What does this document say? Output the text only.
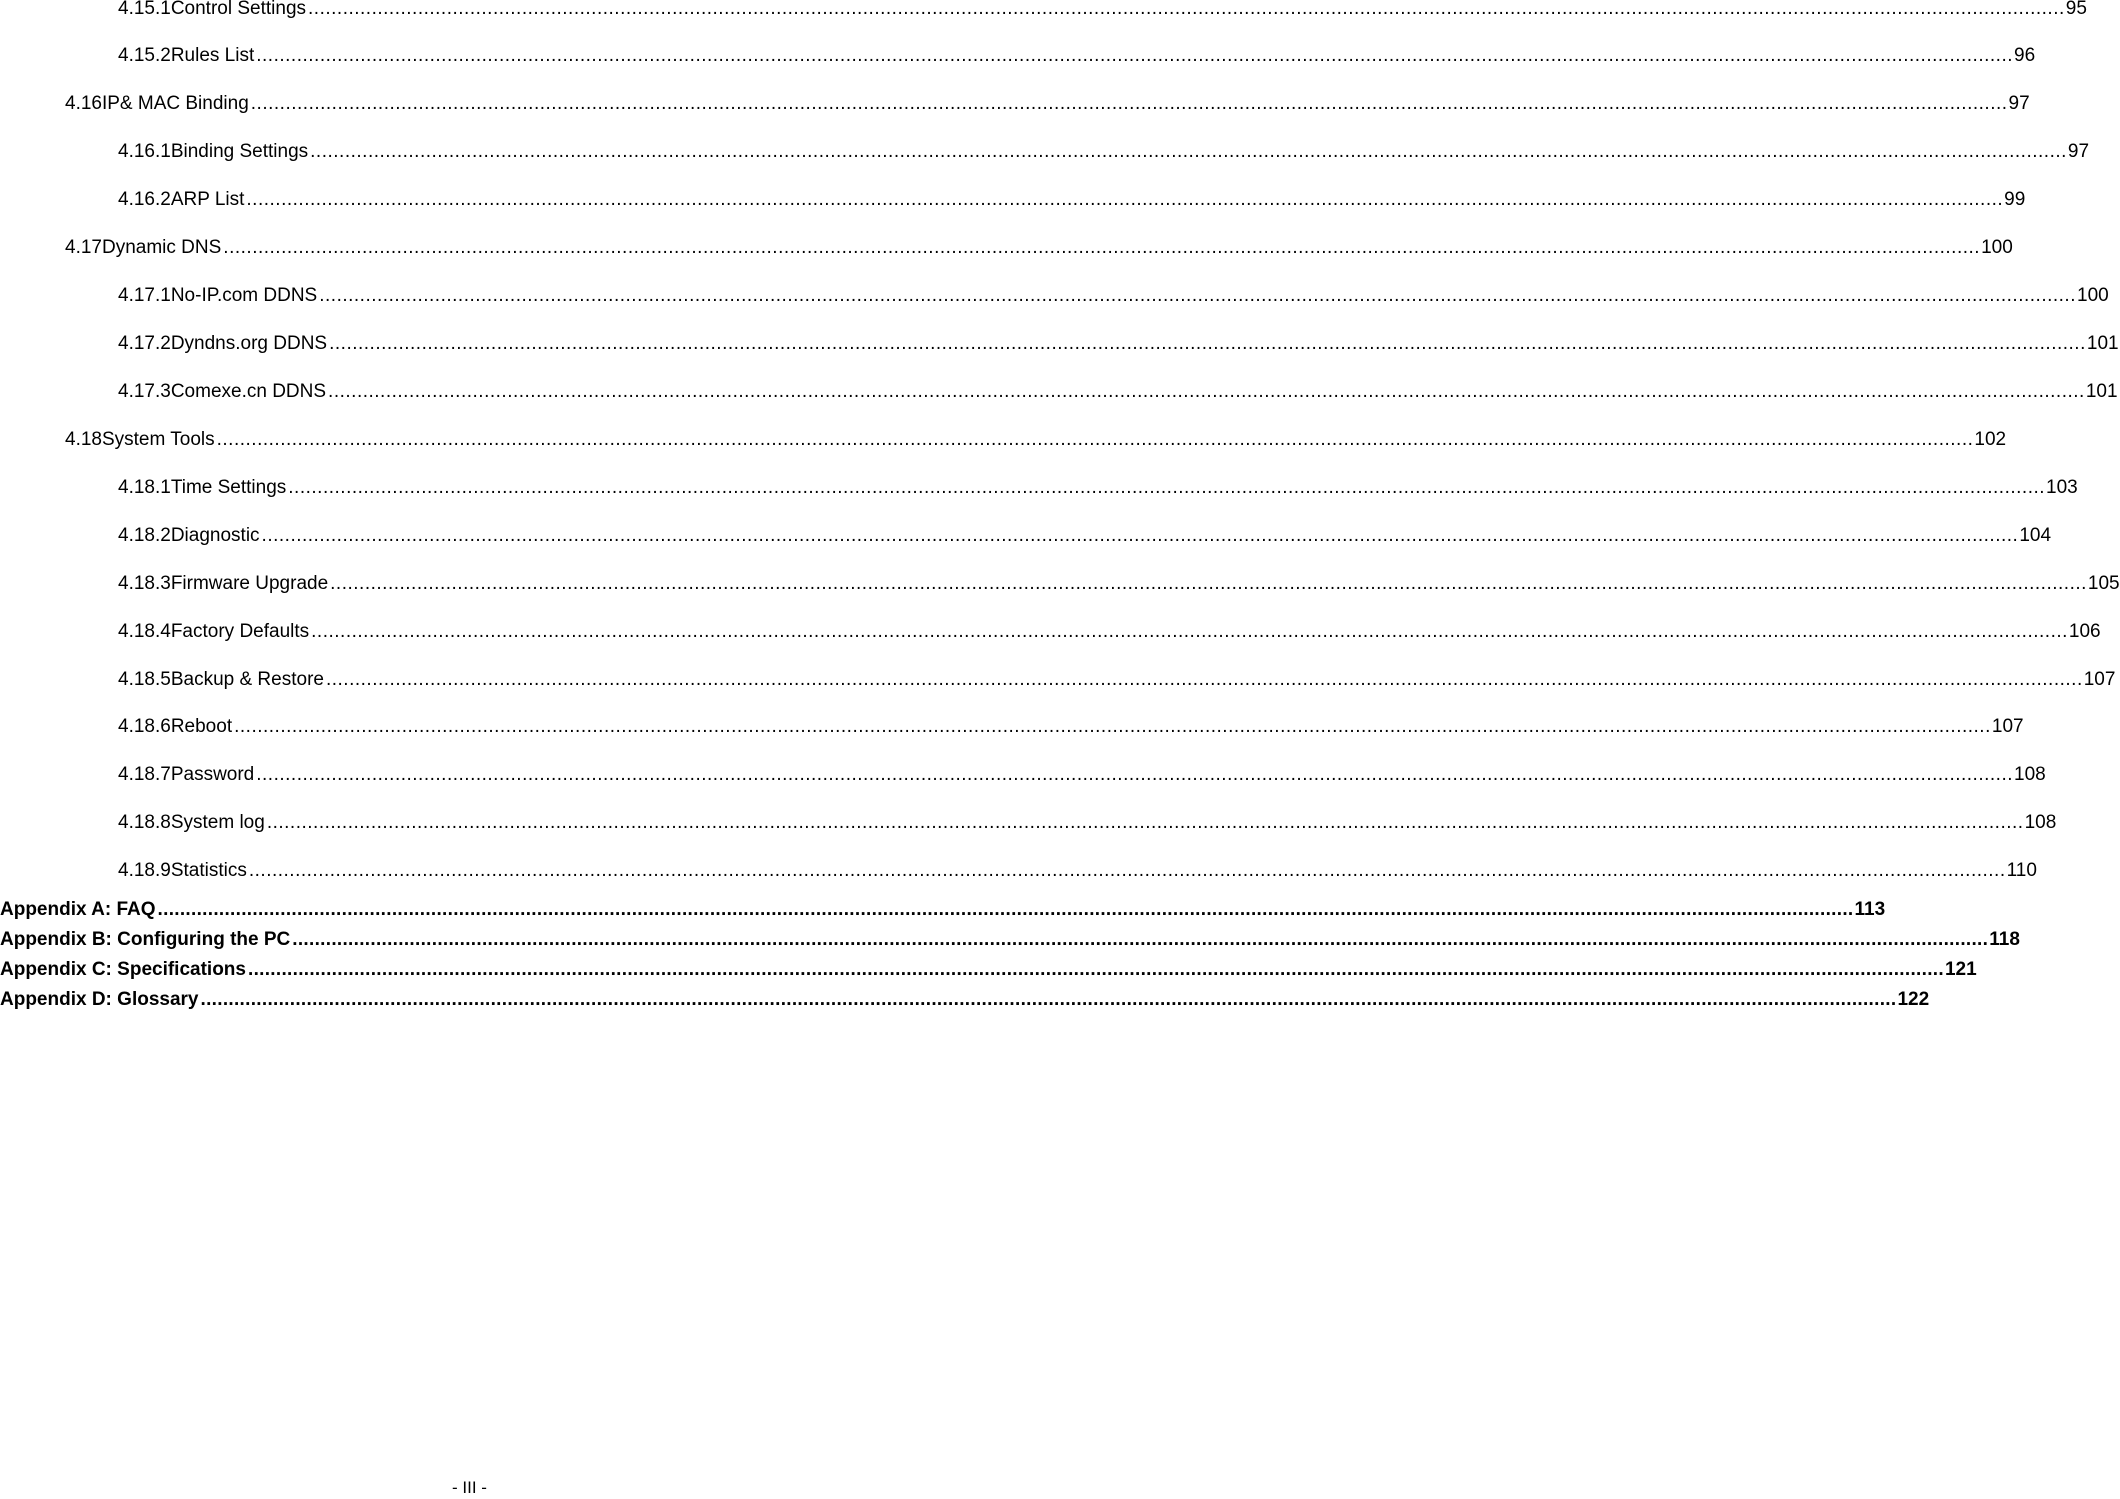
4.15.1 Control Settings .....	95
4.15.2 Rules List .....	96
4.16 IP& MAC Binding .....	97
4.16.1 Binding Settings .....	97
4.16.2 ARP List .....	99
4.17 Dynamic DNS .....	100
4.17.1 No-IP.com DDNS .....	100
4.17.2 Dyndns.org DDNS .....	101
4.17.3 Comexe.cn DDNS .....	101
4.18 System Tools .....	102
4.18.1 Time Settings .....	103
4.18.2 Diagnostic .....	104
4.18.3 Firmware Upgrade .....	105
4.18.4 Factory Defaults .....	106
4.18.5 Backup & Restore .....	107
4.18.6 Reboot .....	107
4.18.7 Password .....	108
4.18.8 System log .....	108
4.18.9 Statistics .....	110
Appendix A: FAQ .....	113
Appendix B: Configuring the PC .....	118
Appendix C: Specifications .....	121
Appendix D: Glossary .....	122
- III -
